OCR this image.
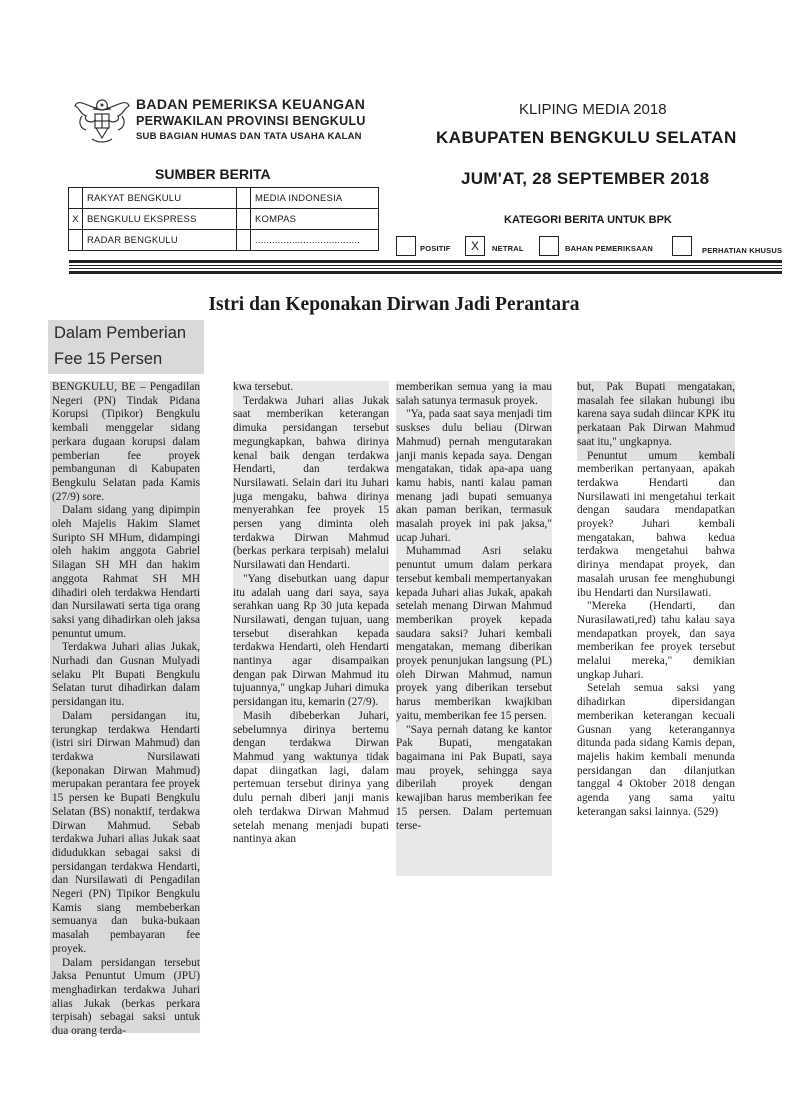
BADAN PEMERIKSA KEUANGAN
PERWAKILAN PROVINSI BENGKULU
SUB BAGIAN HUMAS DAN TATA USAHA KALAN
KLIPING MEDIA 2018
KABUPATEN BENGKULU SELATAN
JUM'AT, 28 SEPTEMBER 2018
SUMBER BERITA
	RAKYAT BENGKULU		MEDIA INDONESIA
X	BENGKULU EKSPRESS		KOMPAS
	RADAR BENGKULU		.....................................
KATEGORI BERITA UNTUK BPK
POSITIF	X	NETRAL	BAHAN PEMERIKSAAN	PERHATIAN KHUSUS
Istri dan Keponakan Dirwan Jadi Perantara
Dalam Pemberian
Fee 15 Persen

BENGKULU, BE – Pengadilan Negeri (PN) Tindak Pidana Korupsi (Tipikor) Bengkulu kembali menggelar sidang perkara dugaan korupsi dalam pemberian fee proyek pembangunan di Kabupaten Bengkulu Selatan pada Kamis (27/9) sore.

Dalam sidang yang dipimpin oleh Majelis Hakim Slamet Suripto SH MHum, didampingi oleh hakim anggota Gabriel Silagan SH MH dan hakim anggota Rahmat SH MH dihadiri oleh terdakwa Hendarti dan Nursilawati serta tiga orang saksi yang dihadirkan oleh jaksa penuntut umum.

Terdakwa Juhari alias Jukak, Nurhadi dan Gusnan Mulyadi selaku Plt Bupati Bengkulu Selatan turut dihadirkan dalam persidangan itu.

Dalam persidangan itu, terungkap terdakwa Hendarti (istri siri Dirwan Mahmud) dan terdakwa Nursilawati (keponakan Dirwan Mahmud) merupakan perantara fee proyek 15 persen ke Bupati Bengkulu Selatan (BS) nonaktif, terdakwa Dirwan Mahmud. Sebab terdakwa Juhari alias Jukak saat didudukkan sebagai saksi di persidangan terdakwa Hendarti, dan Nursilawati di Pengadilan Negeri (PN) Tipikor Bengkulu Kamis siang membeberkan semuanya dan buka-bukaan masalah pembayaran fee proyek.

Dalam persidangan tersebut Jaksa Penuntut Umum (JPU) menghadirkan terdakwa Juhari alias Jukak (berkas perkara terpisah) sebagai saksi untuk dua orang terda-

kwa tersebut.

Terdakwa Juhari alias Jukak saat memberikan keterangan dimuka persidangan tersebut megungkapkan, bahwa dirinya kenal baik dengan terdakwa Hendarti, dan terdakwa Nursilawati. Selain dari itu Juhari juga mengaku, bahwa dirinya menyerahkan fee proyek 15 persen yang diminta oleh terdakwa Dirwan Mahmud (berkas perkara terpisah) melalui Nursilawati dan Hendarti.

"Yang disebutkan uang dapur itu adalah uang dari saya, saya serahkan uang Rp 30 juta kepada Nursilawati, dengan tujuan, uang tersebut diserahkan kepada terdakwa Hendarti, oleh Hendarti nantinya agar disampaikan dengan pak Dirwan Mahmud itu tujuannya," ungkap Juhari dimuka persidangan itu, kemarin (27/9).

Masih dibeberkan Juhari, sebelumnya dirinya bertemu dengan terdakwa Dirwan Mahmud yang waktunya tidak dapat diingatkan lagi, dalam pertemuan tersebut dirinya yang dulu pernah diberi janji manis oleh terdakwa Dirwan Mahmud setelah menang menjadi bupati nantinya akan

memberikan semua yang ia mau salah satunya termasuk proyek.

"Ya, pada saat saya menjadi tim suskses dulu beliau (Dirwan Mahmud) pernah mengutarakan janji manis kepada saya. Dengan mengatakan, tidak apa-apa uang kamu habis, nanti kalau paman menang jadi bupati semuanya akan paman berikan, termasuk masalah proyek ini pak jaksa," ucap Juhari.

Muhammad Asri selaku penuntut umum dalam perkara tersebut kembali mempertanyakan kepada Juhari alias Jukak, apakah setelah menang Dirwan Mahmud memberikan proyek kepada saudara saksi? Juhari kembali mengatakan, memang diberikan proyek penunjukan langsung (PL) oleh Dirwan Mahmud, namun proyek yang diberikan tersebut harus memberikan kwajkiban yaitu, memberikan fee 15 persen.

"Saya pernah datang ke kantor Pak Bupati, mengatakan bagaimana ini Pak Bupati, saya mau proyek, sehingga saya diberilah proyek dengan kewajiban harus memberikan fee 15 persen. Dalam pertemuan terse-

but, Pak Bupati mengatakan, masalah fee silakan hubungi ibu karena saya sudah diincar KPK itu perkataan Pak Dirwan Mahmud saat itu," ungkapnya.

Penuntut umum kembali memberikan pertanyaan, apakah terdakwa Hendarti dan Nursilawati ini mengetahui terkait dengan saudara mendapatkan proyek? Juhari kembali mengatakan, bahwa kedua terdakwa mengetahui bahwa dirinya mendapat proyek, dan masalah urusan fee menghubungi ibu Hendarti dan Nursilawati.

"Mereka (Hendarti, dan Nurasilawati,red) tahu kalau saya mendapatkan proyek, dan saya memberikan fee proyek tersebut melalui mereka," demikian ungkap Juhari.

Setelah semua saksi yang dihadirkan dipersidangan memberikan keterangan kecuali Gusnan yang keterangannya ditunda pada sidang Kamis depan, majelis hakim kembali menunda persidangan dan dilanjutkan tanggal 4 Oktober 2018 dengan agenda yang sama yaitu keterangan saksi lainnya. (529)
